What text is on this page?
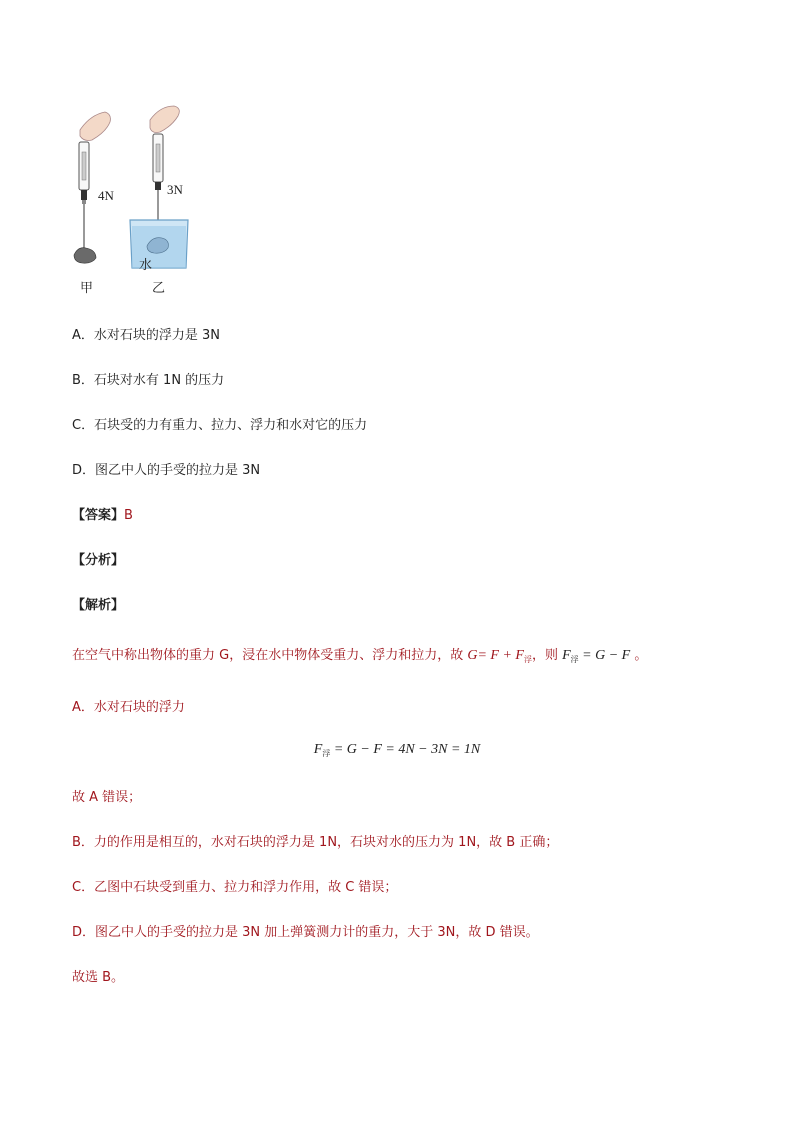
4N	3N
水
甲	乙
A．水对石块的浮力是 3N
B．石块对水有 1N 的压力
C．石块受的力有重力、拉力、浮力和水对它的压力
D．图乙中人的手受的拉力是 3N
【答案】B
【分析】
【解析】
在空气中称出物体的重力 G，浸在水中物体受重力、浮力和拉力，故 $G= F + F_浮$，则 $F_浮 = G - F$ 。
A．水对石块的浮力
$F_浮 = G - F = 4N - 3N = 1N$
故 A 错误；
B．力的作用是相互的，水对石块的浮力是 1N，石块对水的压力为 1N，故 B 正确；
C．乙图中石块受到重力、拉力和浮力作用，故 C 错误；
D．图乙中人的手受的拉力是 3N 加上弹簧测力计的重力，大于 3N，故 D 错误。
故选 B。
